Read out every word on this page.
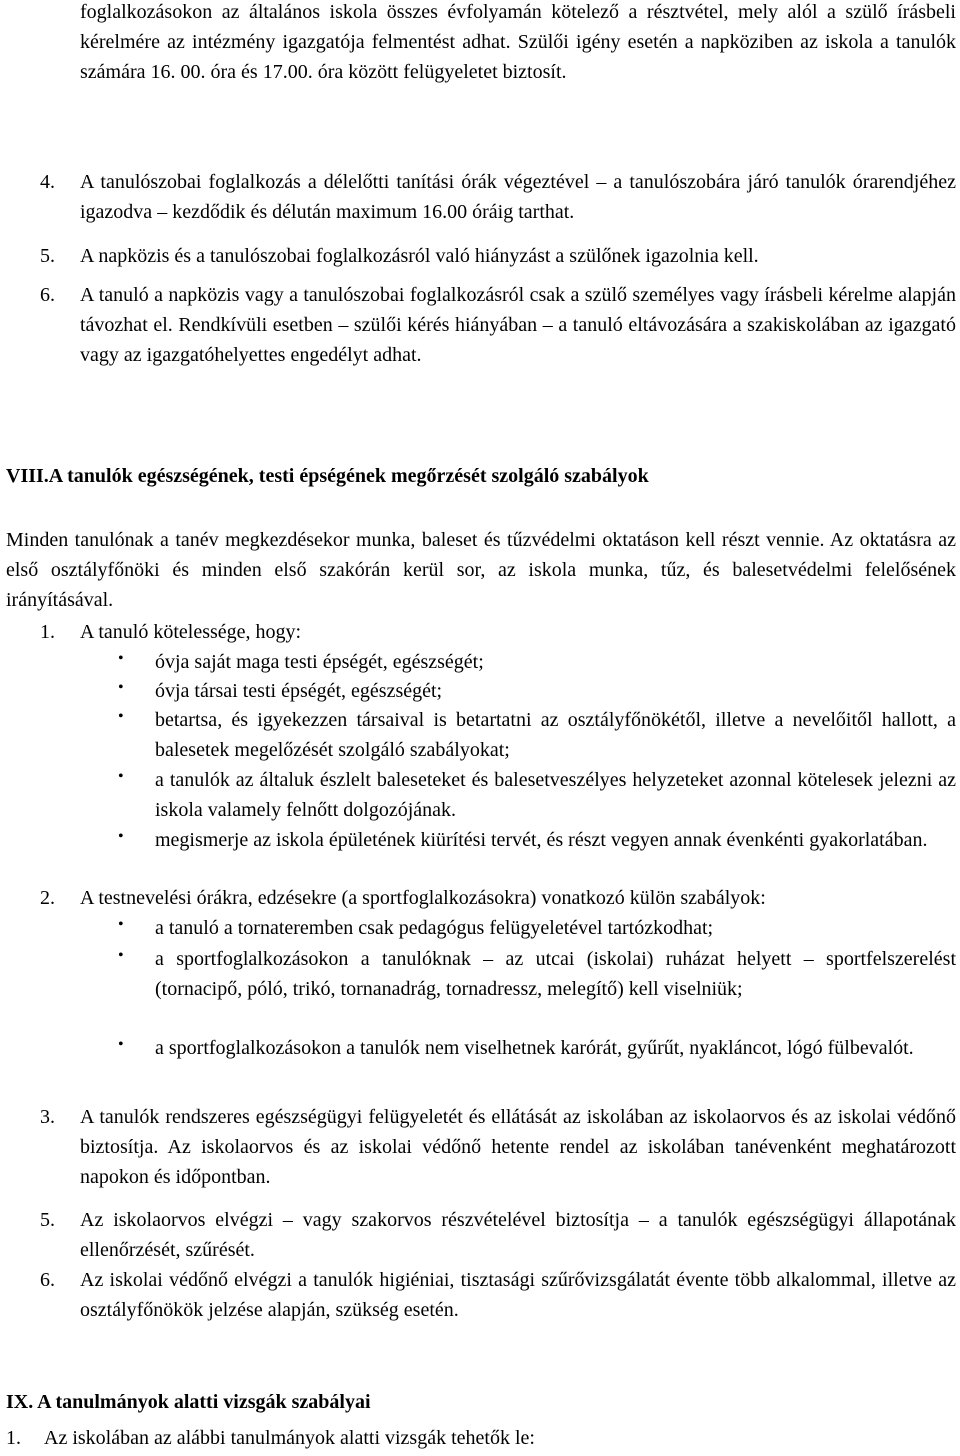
foglalkozásokon az általános iskola összes évfolyamán kötelező a résztvétel, mely alól a szülő írásbeli kérelmére az intézmény igazgatója felmentést adhat. Szülői igény esetén a napköziben az iskola a tanulók számára 16. 00. óra és 17.00. óra között felügyeletet biztosít.
4. A tanulószobai foglalkozás a délelőtti tanítási órák végeztével – a tanulószobára járó tanulók órarendjéhez igazodva – kezdődik és délután maximum 16.00 óráig tarthat.
5. A napközis és a tanulószobai foglalkozásról való hiányzást a szülőnek igazolnia kell.
6. A tanuló a napközis vagy a tanulószobai foglalkozásról csak a szülő személyes vagy írásbeli kérelme alapján távozhat el. Rendkívüli esetben – szülői kérés hiányában – a tanuló eltávozására a szakiskolában az igazgató vagy az igazgatóhelyettes engedélyt adhat.
VIII.A tanulók egészségének, testi épségének megőrzését szolgáló szabályok
Minden tanulónak a tanév megkezdésekor munka, baleset és tűzvédelmi oktatáson kell részt vennie. Az oktatásra az első osztályfőnöki és minden első szakórán kerül sor, az iskola munka, tűz, és balesetvédelmi felelősének irányításával.
1. A tanuló kötelessége, hogy:
• óvja saját maga testi épségét, egészségét;
• óvja társai testi épségét, egészségét;
• betartsa, és igyekezzen társaival is betartatni az osztályfőnökétől, illetve a nevelőitől hallott, a balesetek megelőzését szolgáló szabályokat;
• a tanulók az általuk észlelt baleseteket és balesetveszélyes helyzeteket azonnal kötelesek jelezni az iskola valamely felnőtt dolgozójának.
• megismerje az iskola épületének kiürítési tervét, és részt vegyen annak évenkénti gyakorlatában.
2. A testnevelési órákra, edzésekre (a sportfoglalkozásokra) vonatkozó külön szabályok:
• a tanuló a tornateremben csak pedagógus felügyeletével tartózkodhat;
• a sportfoglalkozásokon a tanulóknak – az utcai (iskolai) ruházat helyett – sportfelszerelést (tornacipő, póló, trikó, tornanadrág, tornadressz, melegítő) kell viselniük;
• a sportfoglalkozásokon a tanulók nem viselhetnek karórát, gyűrűt, nyakláncot, lógó fülbevalót.
3. A tanulók rendszeres egészségügyi felügyeletét és ellátását az iskolában az iskolaorvos és az iskolai védőnő biztosítja. Az iskolaorvos és az iskolai védőnő hetente rendel az iskolában tanévenként meghatározott napokon és időpontban.
5. Az iskolaorvos elvégzi – vagy szakorvos részvételével biztosítja – a tanulók egészségügyi állapotának ellenőrzését, szűrését.
6. Az iskolai védőnő elvégzi a tanulók higiéniai, tisztasági szűrővizsgálatát évente több alkalommal, illetve az osztályfőnökök jelzése alapján, szükség esetén.
IX. A tanulmányok alatti vizsgák szabályai
1. Az iskolában az alábbi tanulmányok alatti vizsgák tehetők le:
